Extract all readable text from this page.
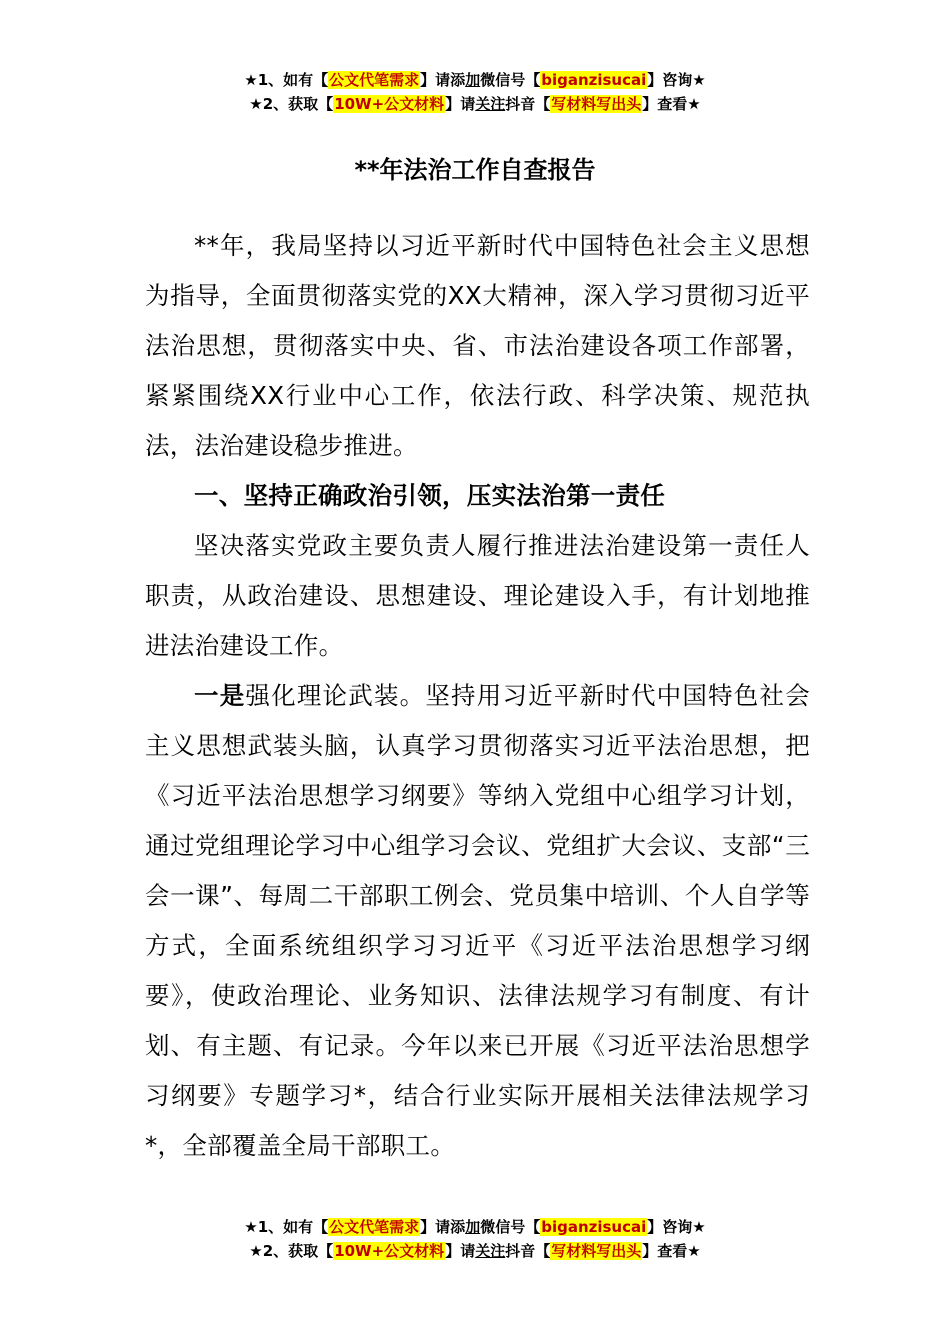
★1、如有【公文代笔需求】请添加微信号【biganzisucai】咨询★
★2、获取【10W+公文材料】请关注抖音【写材料写出头】查看★
**年法治工作自查报告

**年，我局坚持以习近平新时代中国特色社会主义思想为指导，全面贯彻落实党的XX大精神，深入学习贯彻习近平法治思想，贯彻落实中央、省、市法治建设各项工作部署，紧紧围绕XX行业中心工作，依法行政、科学决策、规范执法，法治建设稳步推进。

一、坚持正确政治引领，压实法治第一责任

坚决落实党政主要负责人履行推进法治建设第一责任人职责，从政治建设、思想建设、理论建设入手，有计划地推进法治建设工作。

一是强化理论武装。坚持用习近平新时代中国特色社会主义思想武装头脑，认真学习贯彻落实习近平法治思想，把《习近平法治思想学习纲要》等纳入党组中心组学习计划，通过党组理论学习中心组学习会议、党组扩大会议、支部“三会一课”、每周二干部职工例会、党员集中培训、个人自学等方式，全面系统组织学习习近平《习近平法治思想学习纲要》，使政治理论、业务知识、法律法规学习有制度、有计划、有主题、有记录。今年以来已开展《习近平法治思想学习纲要》专题学习*，结合行业实际开展相关法律法规学习*，全部覆盖全局干部职工。

★1、如有【公文代笔需求】请添加微信号【biganzisucai】咨询★
★2、获取【10W+公文材料】请关注抖音【写材料写出头】查看★
